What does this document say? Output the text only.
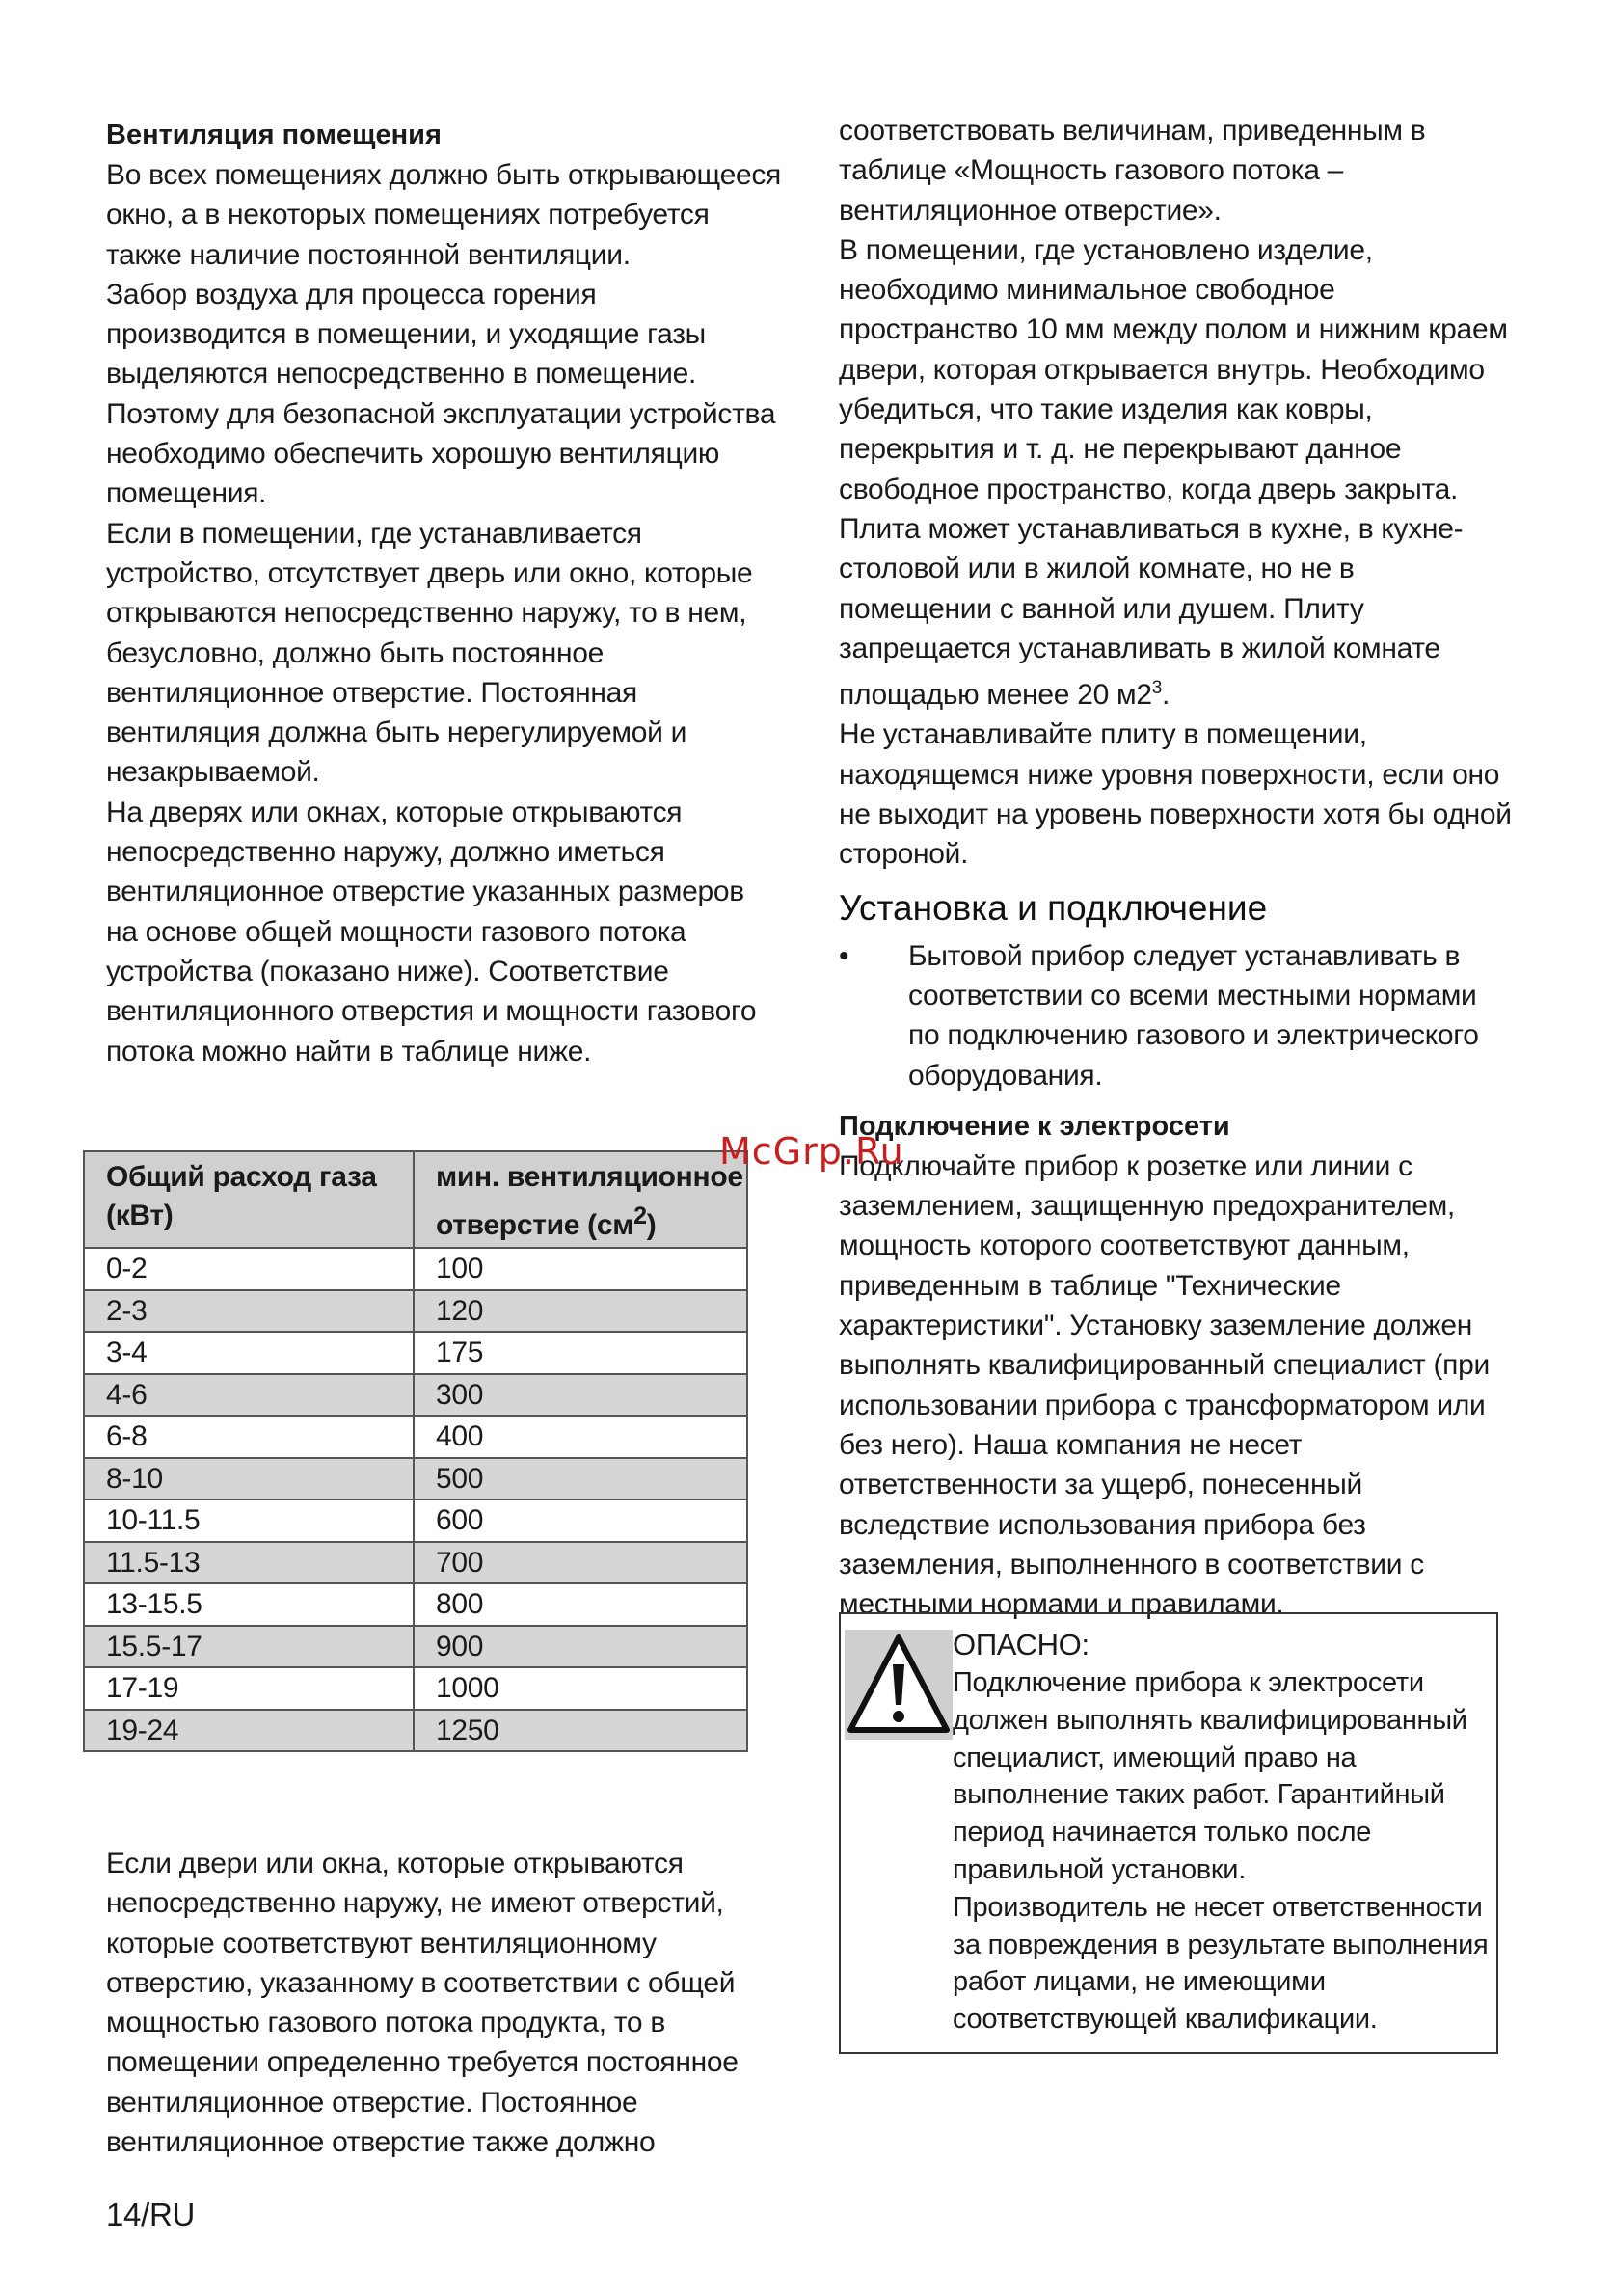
Вентиляция помещения

Во всех помещениях должно быть открывающееся окно, а в некоторых помещениях потребуется также наличие постоянной вентиляции.

Забор воздуха для процесса горения производится в помещении, и уходящие газы выделяются непосредственно в помещение. Поэтому для безопасной эксплуатации устройства необходимо обеспечить хорошую вентиляцию помещения.

Если в помещении, где устанавливается устройство, отсутствует дверь или окно, которые открываются непосредственно наружу, то в нем, безусловно, должно быть постоянное вентиляционное отверстие. Постоянная вентиляция должна быть нерегулируемой и незакрываемой.

На дверях или окнах, которые открываются непосредственно наружу, должно иметься вентиляционное отверстие указанных размеров на основе общей мощности газового потока устройства (показано ниже). Соответствие вентиляционного отверстия и мощности газового потока можно найти в таблице ниже.

Общий расход газа (кВт)	мин. вентиляционное отверстие $(см^2)$
0-2	100
2-3	120
3-4	175
4-6	300
6-8	400
8-10	500
10-11.5	600
11.5-13	700
13-15.5	800
15.5-17	900
17-19	1000
19-24	1250

Если двери или окна, которые открываются непосредственно наружу, не имеют отверстий, которые соответствуют вентиляционному отверстию, указанному в соответствии с общей мощностью газового потока продукта, то в помещении определенно требуется постоянное вентиляционное отверстие. Постоянное вентиляционное отверстие также должно

соответствовать величинам, приведенным в таблице «Мощность газового потока – вентиляционное отверстие».

В помещении, где установлено изделие, необходимо минимальное свободное пространство 10 мм между полом и нижним краем двери, которая открывается внутрь. Необходимо убедиться, что такие изделия как ковры, перекрытия и т. д. не перекрывают данное свободное пространство, когда дверь закрыта. Плита может устанавливаться в кухне, в кухне-столовой или в жилой комнате, но не в помещении с ванной или душем. Плиту запрещается устанавливать в жилой комнате площадью менее 20 $м2^3$.

Не устанавливайте плиту в помещении, находящемся ниже уровня поверхности, если оно не выходит на уровень поверхности хотя бы одной стороной.

Установка и подключение
•	Бытовой прибор следует устанавливать в соответствии со всеми местными нормами по подключению газового и электрического оборудования.

Подключение к электросети

Подключайте прибор к розетке или линии с заземлением, защищенную предохранителем, мощность которого соответствуют данным, приведенным в таблице "Технические характеристики". Установку заземление должен выполнять квалифицированный специалист (при использовании прибора с трансформатором или без него). Наша компания не несет ответственности за ущерб, понесенный вследствие использования прибора без заземления, выполненного в соответствии с местными нормами и правилами.

ОПАСНО:
Подключение прибора к электросети должен выполнять квалифицированный специалист, имеющий право на выполнение таких работ. Гарантийный период начинается только после правильной установки.
Производитель не несет ответственности за повреждения в результате выполнения работ лицами, не имеющими соответствующей квалификации.
McGrp.Ru
14/RU
